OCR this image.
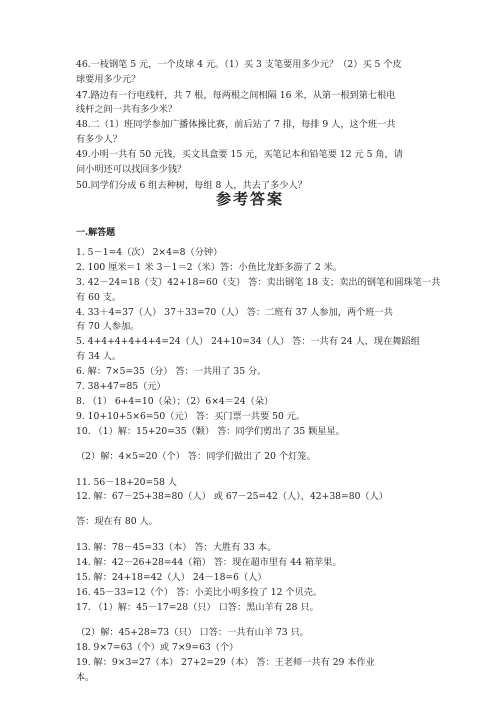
46.一枝钢笔 5 元，一个皮球 4 元。（1）买 3 支笔要用多少元？（2）买 5 个皮
球要用多少元？
47.路边有一行电线杆，共 7 根，每两根之间相隔 16 米，从第一根到第七根电
线杆之间一共有多少米？
48.二（1）班同学参加广播体操比赛，前后站了 7 排，每排 9 人，这个班一共
有多少人？
49.小明一共有 50 元钱，买文具盒要 15 元，买笔记本和铅笔要 12 元 5 角，请
问小明还可以找回多少钱？
50.同学们分成 6 组去种树，每组 8 人，共去了多少人？
参考答案
一.解答题
1. 5－1=4（次） 2×4=8（分钟）
2. 100 厘米＝1 米 3－1＝2（米）答：小鱼比龙虾多游了 2 米。
3. 42－24=18（支）42+18=60（支） 答：卖出钢笔 18 支；卖出的钢笔和圆珠笔一共
有 60 支。
4. 33＋4=37（人） 37＋33=70（人） 答：二班有 37 人参加，两个班一共
有 70 人参加。
5. 4+4+4+4+4+4=24（人） 24+10=34（人） 答：一共有 24 人，现在舞蹈组
有 34 人。
6. 解：7×5=35（分） 答：一共用了 35 分。
7. 38+47=85（元）
8. （1） 6+4=10（朵）；（2）6×4＝24（朵）
9. 10+10+5×6=50（元） 答：买门票一共要 50 元。
10. （1）解：15+20=35（颗） 答：同学们剪出了 35 颗星星。
（2）解：4×5=20（个） 答：同学们做出了 20 个灯笼。
11. 56－18+20=58 人
12. 解：67－25+38=80（人） 或 67－25=42（人），42+38=80（人）
答：现在有 80 人。
13. 解：78－45=33（本） 答：大胜有 33 本。
14. 解：42－26+28=44（箱） 答：现在超市里有 44 箱苹果。
15. 解：24+18=42（人） 24－18=6（人）
16. 45－33=12（个） 答：小美比小明多捡了 12 个贝壳。
17. （1）解：45－17=28（只） 口答：黑山羊有 28 只。
（2）解：45+28=73（只） 口答：一共有山羊 73 只。
18. 9×7=63（个）或 7×9=63（个）
19. 解：9×3=27（本） 27+2=29（本） 答：王老师一共有 29 本作业
本。
